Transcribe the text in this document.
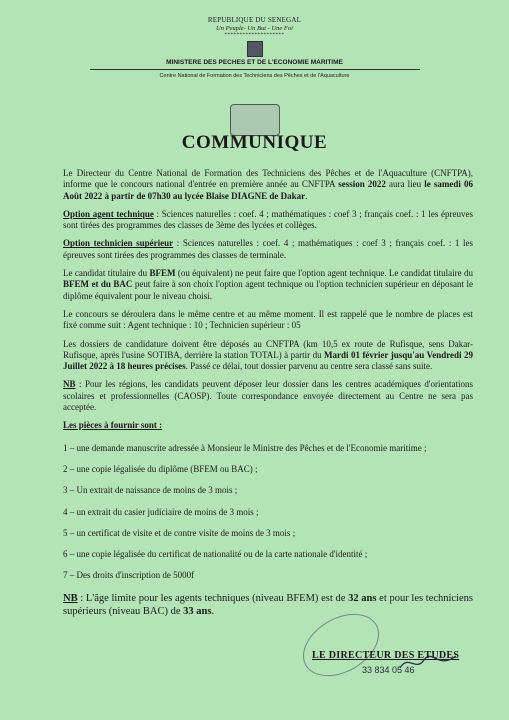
REPUBLIQUE DU SENEGAL
Un Peuple- Un But - Une Foi
********************
MINISTERE DES PECHES ET DE L'ECONOMIE MARITIME
Centre National de Formation des Techniciens des Pêches et de l'Aquaculture
COMMUNIQUE

Le Directeur du Centre National de Formation des Techniciens des Pêches et de l'Aquaculture (CNFTPA), informe que le concours national d'entrée en première année au CNFTPA session 2022 aura lieu le samedi 06 Août 2022 à partir de 07h30 au lycée Blaise DIAGNE de Dakar.

Option agent technique : Sciences naturelles : coef. 4 ; mathématiques : coef 3 ; français coef. : 1 les épreuves sont tirées des programmes des classes de 3ème des lycées et collèges.

Option technicien supérieur : Sciences naturelles : coef. 4 ; mathématiques : coef 3 ; français coef. : 1 les épreuves sont tirées des programmes des classes de terminale.

Le candidat titulaire du BFEM (ou équivalent) ne peut faire que l'option agent technique. Le candidat titulaire du BFEM et du BAC peut faire à son choix l'option agent technique ou l'option technicien supérieur en déposant le diplôme équivalent pour le niveau choisi.

Le concours se déroulera dans le même centre et au même moment. Il est rappelé que le nombre de places est fixé comme suit : Agent technique : 10 ; Technicien supérieur : 05

Les dossiers de candidature doivent être déposés au CNFTPA (km 10,5 ex route de Rufisque, sens Dakar- Rufisque, après l'usine SOTIBA, derrière la station TOTAL) à partir du Mardi 01 février jusqu'au Vendredi 29 Juillet 2022 à 18 heures précises. Passé ce délai, tout dossier parvenu au centre sera classé sans suite.

NB : Pour les régions, les candidats peuvent déposer leur dossier dans les centres académiques d'orientations scolaires et professionnelles (CAOSP). Toute correspondance envoyée directement au Centre ne sera pas acceptée.

Les pièces à fournir sont :
1 – une demande manuscrite adressée à Monsieur le Ministre des Pêches et de l'Economie maritime ;
2 – une copie légalisée du diplôme (BFEM ou BAC) ;
3 – Un extrait de naissance de moins de 3 mois ;
4 – un extrait du casier judiciaire de moins de 3 mois ;
5 – un certificat de visite et de contre visite de moins de 3 mois ;
6 – une copie légalisée du certificat de nationalité ou de la carte nationale d'identité ;
7 – Des droits d'inscription de 5000f
NB : L'âge limite pour les agents techniques (niveau BFEM) est de 32 ans et pour les techniciens supérieurs (niveau BAC) de 33 ans.
LE DIRECTEUR DES ETUDES
33 834 05 46
